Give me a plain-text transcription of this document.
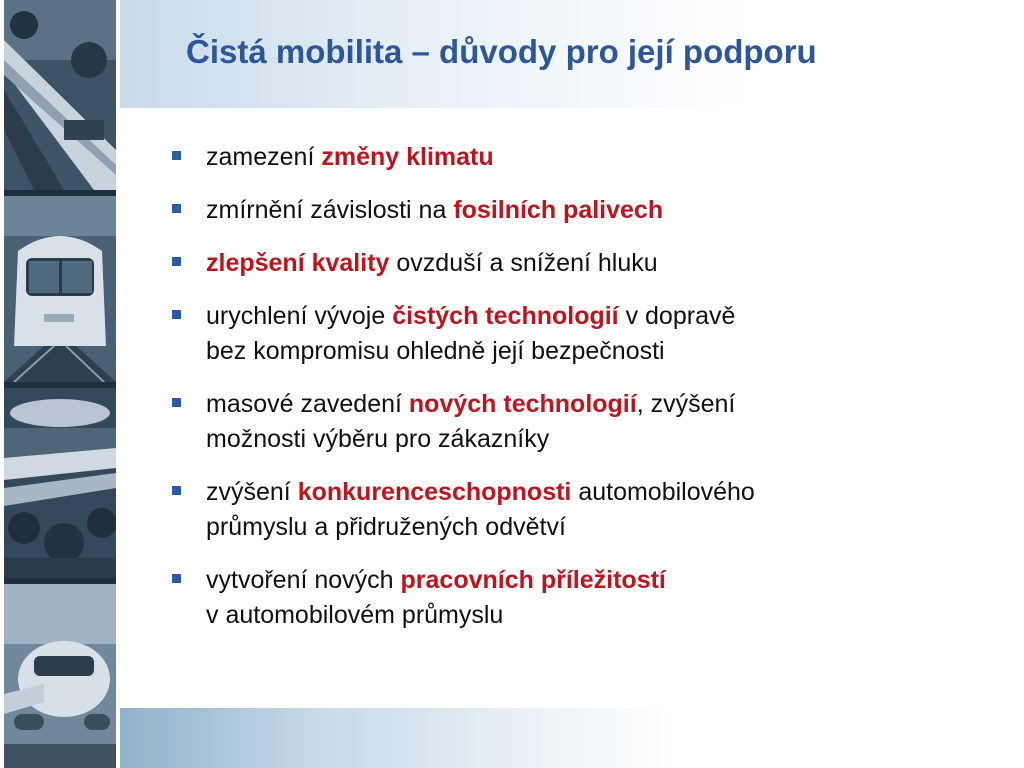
Čistá mobilita – důvody pro její podporu
zamezení změny klimatu
zmírnění závislosti na fosilních palivech
zlepšení kvality ovzduší a snížení hluku
urychlení vývoje čistých technologií v dopravě
bez kompromisu ohledně její bezpečnosti
masové zavedení nových technologií, zvýšení
možnosti výběru pro zákazníky
zvýšení konkurenceschopnosti automobilového
průmyslu a přidružených odvětví
vytvoření nových pracovních příležitostí
v automobilovém průmyslu
